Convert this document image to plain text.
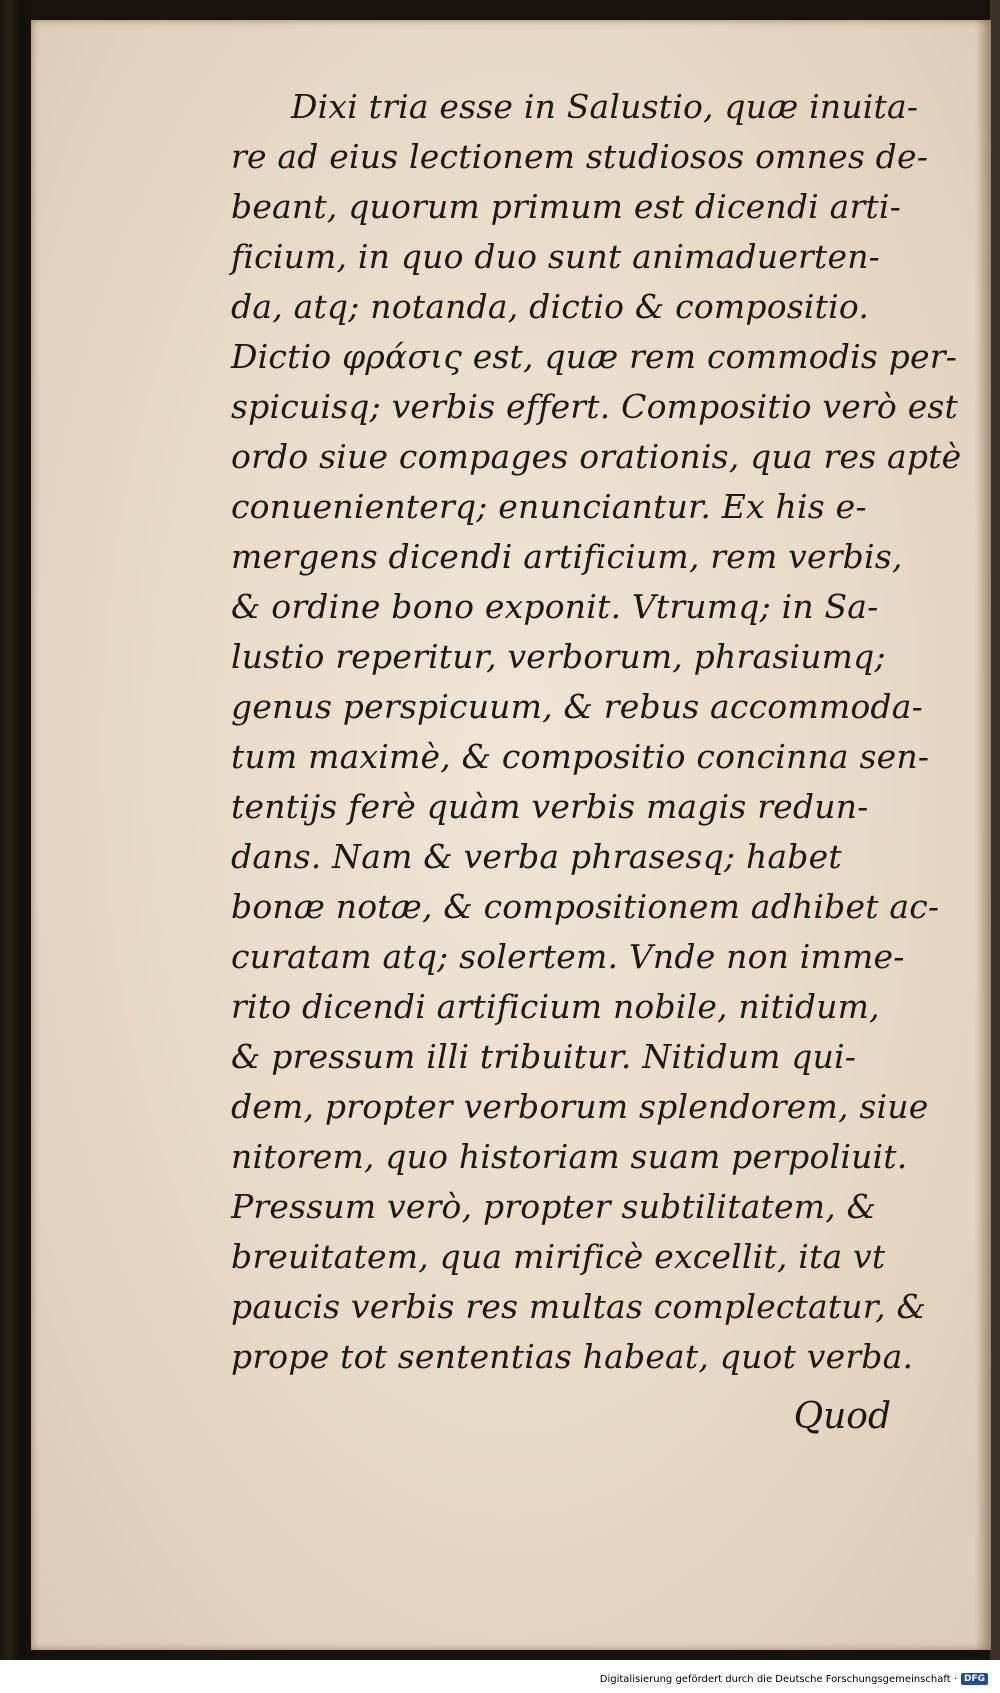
Dixi tria esse in Salustio, quæ inuita-
re ad eius lectionem studiosos omnes de-
beant, quorum primum est dicendi arti-
ficium, in quo duo sunt animaduerten-
da, atq; notanda, dictio & compositio.
Dictio φράσις est, quæ rem commodis per-
spicuisq; verbis effert. Compositio verò est
ordo siue compages orationis, qua res aptè
conuenienterq; enunciantur. Ex his e-
mergens dicendi artificium, rem verbis,
& ordine bono exponit. Vtrumq; in Sa-
lustio reperitur, verborum, phrasiumq;
genus perspicuum, & rebus accommoda-
tum maximè, & compositio concinna sen-
tentijs ferè quàm verbis magis redun-
dans. Nam & verba phrasesq; habet
bonæ notæ, & compositionem adhibet ac-
curatam atq; solertem. Vnde non imme-
rito dicendi artificium nobile, nitidum,
& pressum illi tribuitur. Nitidum qui-
dem, propter verborum splendorem, siue
nitorem, quo historiam suam perpoliuit.
Pressum verò, propter subtilitatem, &
breuitatem, qua mirificè excellit, ita vt
paucis verbis res multas complectatur, &
prope tot sententias habeat, quot verba.
Quod
Digitalisierung gefördert durch die Deutsche Forschungsgemeinschaft · DFG
